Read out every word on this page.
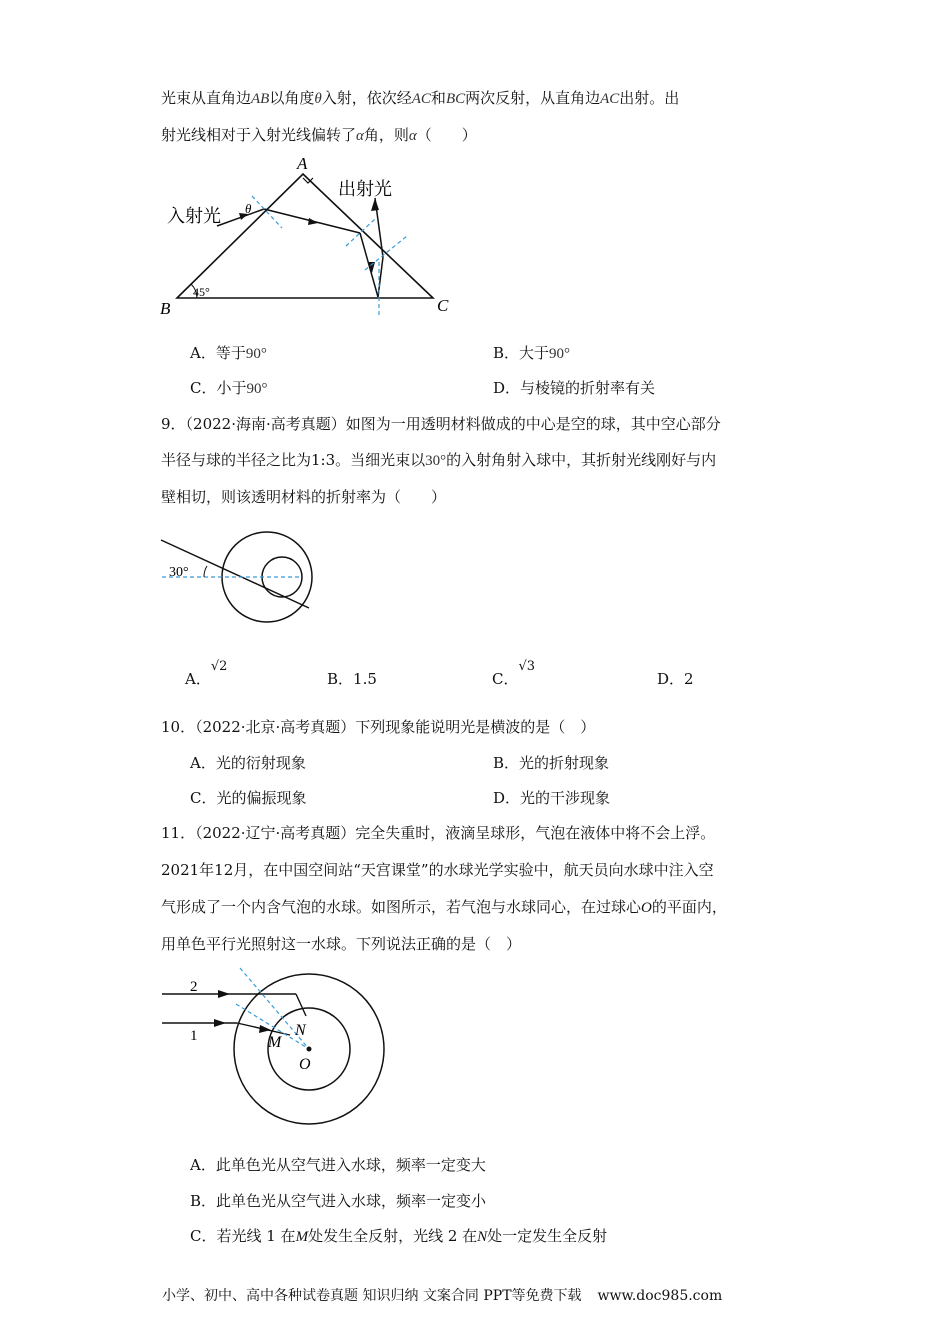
光束从直角边AB以角度θ入射，依次经AC和BC两次反射，从直角边AC出射。出
射光线相对于入射光线偏转了α角，则α（　　）
A
B	C
45°
入射光
出射光
θ
A．等于90°	B．大于90°
C．小于90°	D．与棱镜的折射率有关
9．（2022·海南·高考真题）如图为一用透明材料做成的中心是空的球，其中空心部分
半径与球的半径之比为1:3。当细光束以30°的入射角射入球中，其折射光线刚好与内
壁相切，则该透明材料的折射率为（　　）
30°
A．√2
B．1.5	C．√3
D．2
10．（2022·北京·高考真题）下列现象能说明光是横波的是（　）
A．光的衍射现象	B．光的折射现象
C．光的偏振现象	D．光的干涉现象
11．（2022·辽宁·高考真题）完全失重时，液滴呈球形，气泡在液体中将不会上浮。
2021年12月，在中国空间站“天宫课堂”的水球光学实验中，航天员向水球中注入空
气形成了一个内含气泡的水球。如图所示，若气泡与水球同心，在过球心O的平面内，
用单色平行光照射这一水球。下列说法正确的是（　）
2
1	N
M
O
A．此单色光从空气进入水球，频率一定变大
B．此单色光从空气进入水球，频率一定变小
C．若光线 1 在M处发生全反射，光线 2 在N处一定发生全反射
小学、初中、高中各种试卷真题 知识归纳 文案合同 PPT等免费下载 www.doc985.com
